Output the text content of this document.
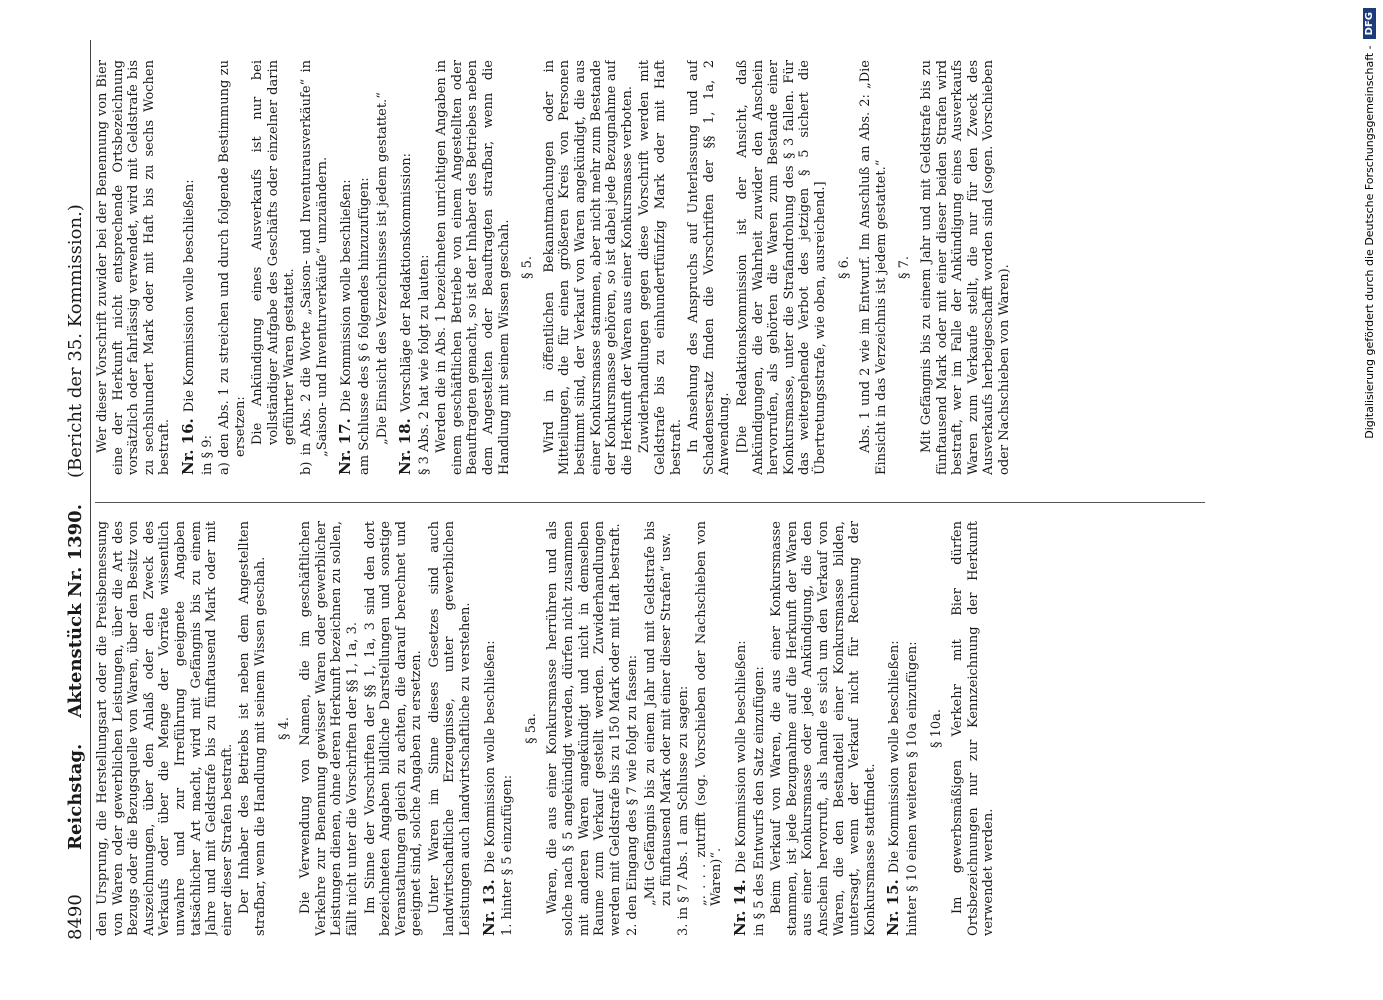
8490
Reichstag.
Aktenstück Nr. 1390.
(Bericht der 35. Kommission.)

den Ursprung, die Herstellungsart oder die Preisbemessung von Waren oder gewerblichen Leistungen, über die Art des Bezugs oder die Bezugsquelle von Waren, über den Besitz von Auszeichnungen, über den Anlaß oder den Zweck des Verkaufs oder über die Menge der Vorräte wissentlich unwahre und zur Irreführung geeignete Angaben tatsächlicher Art macht, wird mit Gefängnis bis zu einem Jahre und mit Geldstrafe bis zu fünftausend Mark oder mit einer dieser Strafen bestraft. Der Inhaber des Betriebs ist neben dem Angestellten strafbar, wenn die Handlung mit seinem Wissen geschah. § 4. Die Verwendung von Namen, die im geschäftlichen Verkehre zur Benennung gewisser Waren oder gewerblicher Leistungen dienen, ohne deren Herkunft bezeichnen zu sollen, fällt nicht unter die Vorschriften der §§ 1, 1a, 3. Im Sinne der Vorschriften der §§ 1, 1a, 3 sind den dort bezeichneten Angaben bildliche Darstellungen und sonstige Veranstaltungen gleich zu achten, die darauf berechnet und geeignet sind, solche Angaben zu ersetzen. Unter Waren im Sinne dieses Gesetzes sind auch landwirtschaftliche Erzeugnisse, unter gewerblichen Leistungen auch landwirtschaftliche zu verstehen. Nr. 13.Die Kommission wolle beschließen: 1. hinter § 5 einzufügen:

§ 5a. Waren, die aus einer Konkursmasse herrühren und als solche nach § 5 angekündigt werden, dürfen nicht zusammen mit anderen Waren angekündigt und nicht in demselben Raume zum Verkauf gestellt werden. Zuwiderhandlungen werden mit Geldstrafe bis zu 150 Mark oder mit Haft bestraft. 2. den Eingang des § 7 wie folgt zu fassen: „Mit Gefängnis bis zu einem Jahr und mit Geldstrafe bis zu fünftausend Mark oder mit einer dieser Strafen“ usw. 3. in § 7 Abs. 1 am Schlusse zu sagen: „. . . . zutrifft (sog. Vorschieben oder Nachschieben von Waren)“.

Nr. 14.Die Kommission wolle beschließen: in § 5 des Entwurfs den Satz einzufügen: Beim Verkauf von Waren, die aus einer Konkursmasse stammen, ist jede Bezugnahme auf die Herkunft der Waren aus einer Konkursmasse oder jede Ankündigung, die den Anschein hervorruft, als handle es sich um den Verkauf von Waren, die den Bestandteil einer Konkursmasse bilden, untersagt, wenn der Verkauf nicht für Rechnung der Konkursmasse stattfindet. Nr. 15.Die Kommission wolle beschließen: hinter § 10 einen weiteren § 10a einzufügen: § 10a. Im gewerbsmäßigen Verkehr mit Bier dürfen Ortsbezeichnungen nur zur Kennzeichnung der Herkunft verwendet werden.

Wer dieser Vorschrift zuwider bei der Benennung von Bier eine der Herkunft nicht entsprechende Ortsbezeichnung vorsätzlich oder fahrlässig verwendet, wird mit Geldstrafe bis zu sechshundert Mark oder mit Haft bis zu sechs Wochen bestraft. Nr. 16.Die Kommission wolle beschließen:

in § 9: a) den Abs. 1 zu streichen und durch folgende Bestimmung zu ersetzen: Die Ankündigung eines Ausverkaufs ist nur bei vollständiger Aufgabe des Geschäfts oder einzelner darin geführter Waren gestattet. b) in Abs. 2 die Worte „Saison- und Inventurausverkäufe“ in „Saison- und Inventurverkäufe“ umzuändern. Nr. 17.Die Kommission wolle beschließen: am Schlusse des § 6 folgendes hinzuzufügen: „Die Einsicht des Verzeichnisses ist jedem gestattet.“

Nr. 18.Vorschläge der Redaktionskommission: § 3 Abs. 2 hat wie folgt zu lauten: Werden die in Abs. 1 bezeichneten unrichtigen Angaben in einem geschäftlichen Betriebe von einem Angestellten oder Beauftragten gemacht, so ist der Inhaber des Betriebes neben dem Angestellten oder Beauftragten strafbar, wenn die Handlung mit seinem Wissen geschah. § 5. Wird in öffentlichen Bekanntmachungen oder in Mitteilungen, die für einen größeren Kreis von Personen bestimmt sind, der Verkauf von Waren angekündigt, die aus einer Konkursmasse stammen, aber nicht mehr zum Bestande der Konkursmasse gehören, so ist dabei jede Bezugnahme auf die Herkunft der Waren aus einer Konkursmasse verboten. Zuwiderhandlungen gegen diese Vorschrift werden mit Geldstrafe bis zu einhundertfünfzig Mark oder mit Haft bestraft. In Ansehung des Anspruchs auf Unterlassung und auf Schadensersatz finden die Vorschriften der §§ 1, 1a, 2 Anwendung. [Die Redaktionskommission ist der Ansicht, daß Ankündigungen, die der Wahrheit zuwider den Anschein hervorrufen, als gehörten die Waren zum Bestande einer Konkursmasse, unter die Strafandrohung des § 3 fallen. Für das weitergehende Verbot des jetzigen § 5 sichert die Übertretungsstrafe, wie oben, ausreichend.] § 6. Abs. 1 und 2 wie im Entwurf. Im Anschluß an Abs. 2: „Die Einsicht in das Verzeichnis ist jedem gestattet.“ § 7. Mit Gefängnis bis zu einem Jahr und mit Geldstrafe bis zu fünftausend Mark oder mit einer dieser beiden Strafen wird bestraft, wer im Falle der Ankündigung eines Ausverkaufs Waren zum Verkaufe stellt, die nur für den Zweck des Ausverkaufs herbeigeschafft worden sind (sogen. Vorschieben oder Nachschieben von Waren).	Digitalisierung gefördert durch die Deutsche Forschungsgemeinschaft -
DFG
